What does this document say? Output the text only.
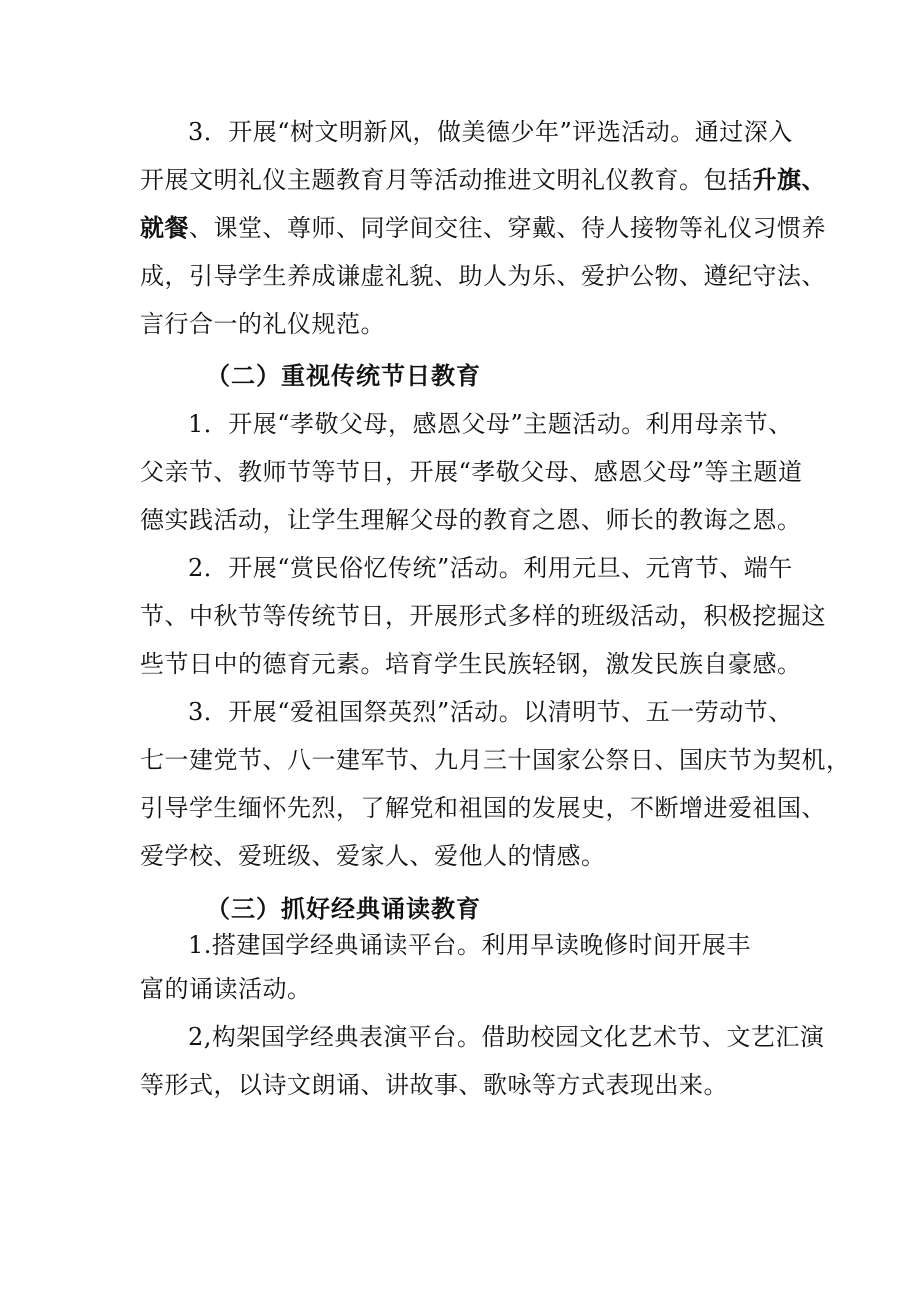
3．开展“树文明新风，做美德少年”评选活动。通过深入
开展文明礼仪主题教育月等活动推进文明礼仪教育。包括升旗、
就餐、课堂、尊师、同学间交往、穿戴、待人接物等礼仪习惯养
成，引导学生养成谦虚礼貌、助人为乐、爱护公物、遵纪守法、
言行合一的礼仪规范。
（二）重视传统节日教育
1．开展“孝敬父母，感恩父母”主题活动。利用母亲节、
父亲节、教师节等节日，开展“孝敬父母、感恩父母”等主题道
德实践活动，让学生理解父母的教育之恩、师长的教诲之恩。
2．开展“赏民俗忆传统”活动。利用元旦、元宵节、端午
节、中秋节等传统节日，开展形式多样的班级活动，积极挖掘这
些节日中的德育元素。培育学生民族轻钢，激发民族自豪感。
3．开展“爱祖国祭英烈”活动。以清明节、五一劳动节、
七一建党节、八一建军节、九月三十国家公祭日、国庆节为契机，
引导学生缅怀先烈，了解党和祖国的发展史，不断增进爱祖国、
爱学校、爱班级、爱家人、爱他人的情感。
（三）抓好经典诵读教育
1.搭建国学经典诵读平台。利用早读晚修时间开展丰
富的诵读活动。
2,构架国学经典表演平台。借助校园文化艺术节、文艺汇演
等形式，以诗文朗诵、讲故事、歌咏等方式表现出来。
